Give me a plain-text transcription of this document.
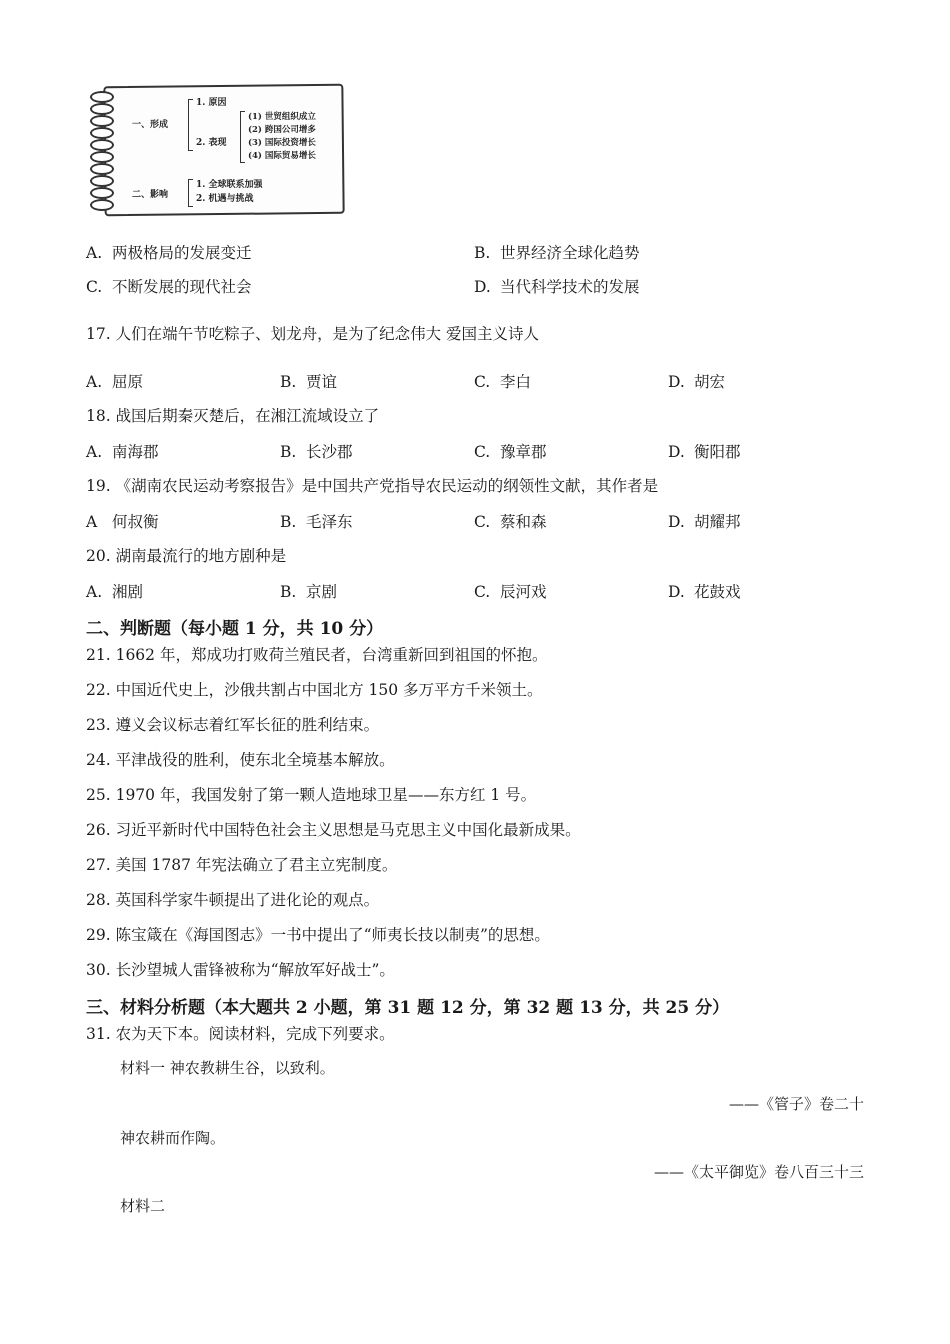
一、形成
1. 原因
2. 表现
(1) 世贸组织成立
(2) 跨国公司增多
(3) 国际投资增长
(4) 国际贸易增长
二、影响
1. 全球联系加强
2. 机遇与挑战
A. 两极格局的发展变迁	B. 世界经济全球化趋势
C. 不断发展的现代社会	D. 当代科学技术的发展
17. 人们在端午节吃粽子、划龙舟，是为了纪念伟大 爱国主义诗人
A. 屈原	B. 贾谊	C. 李白	D. 胡宏
18. 战国后期秦灭楚后，在湘江流域设立了
A. 南海郡	B. 长沙郡	C. 豫章郡	D. 衡阳郡
19. 《湖南农民运动考察报告》是中国共产党指导农民运动的纲领性文献，其作者是
A 何叔衡	B. 毛泽东	C. 蔡和森	D. 胡耀邦
20. 湖南最流行的地方剧种是
A. 湘剧	B. 京剧	C. 辰河戏	D. 花鼓戏
二、判断题（每小题 1 分，共 10 分）
21. 1662 年，郑成功打败荷兰殖民者，台湾重新回到祖国的怀抱。
22. 中国近代史上，沙俄共割占中国北方 150 多万平方千米领土。
23. 遵义会议标志着红军长征的胜利结束。
24. 平津战役的胜利，使东北全境基本解放。
25. 1970 年，我国发射了第一颗人造地球卫星——东方红 1 号。
26. 习近平新时代中国特色社会主义思想是马克思主义中国化最新成果。
27. 美国 1787 年宪法确立了君主立宪制度。
28. 英国科学家牛顿提出了进化论的观点。
29. 陈宝箴在《海国图志》一书中提出了“师夷长技以制夷”的思想。
30. 长沙望城人雷锋被称为“解放军好战士”。
三、材料分析题（本大题共 2 小题，第 31 题 12 分，第 32 题 13 分，共 25 分）
31. 农为天下本。阅读材料，完成下列要求。
材料一 神农教耕生谷，以致利。
——《管子》卷二十
神农耕而作陶。
——《太平御览》卷八百三十三
材料二
